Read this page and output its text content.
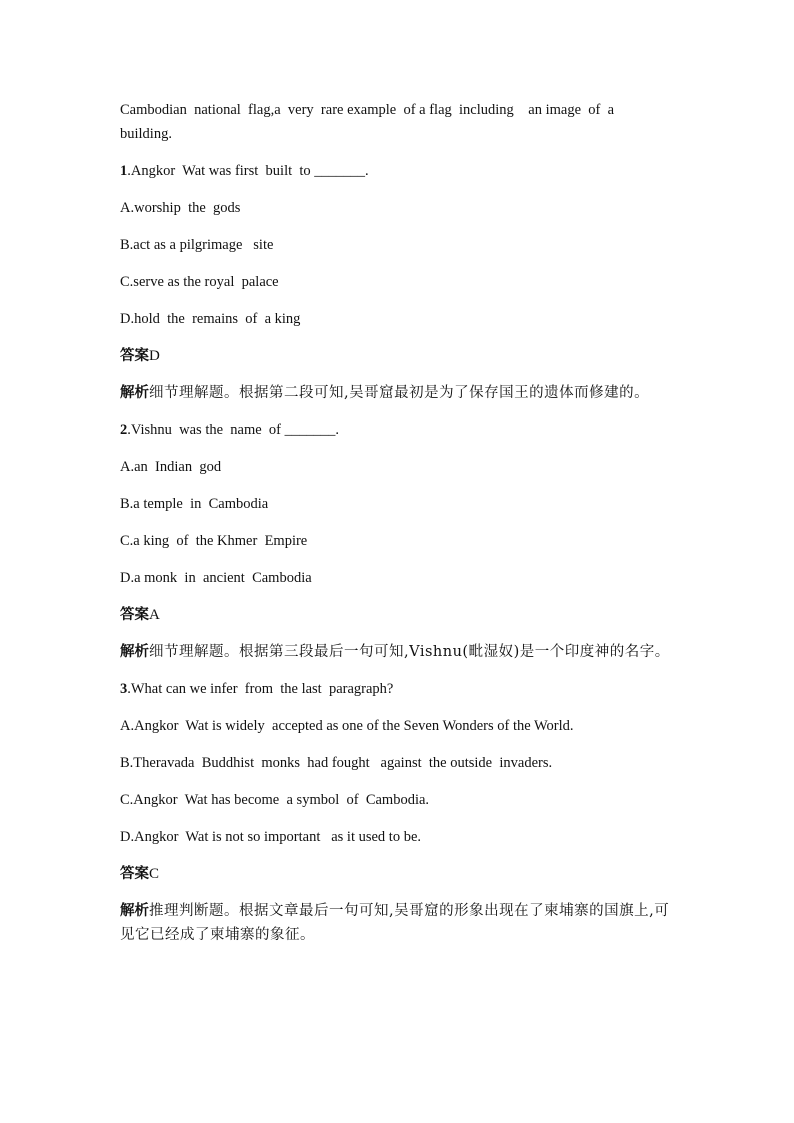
Cambodian  national  flag,a  very  rare example  of a flag  including    an image  of  a
building.
1.Angkor  Wat was first  built  to _______.
A.worship  the  gods
B.act as a pilgrimage   site
C.serve as the royal  palace
D.hold  the  remains  of  a king
答案D
解析细节理解题。根据第二段可知,吴哥窟最初是为了保存国王的遗体而修建的。
2.Vishnu  was the  name  of _______.
A.an  Indian  god
B.a temple  in  Cambodia
C.a king  of  the Khmer  Empire
D.a monk  in  ancient  Cambodia
答案A
解析细节理解题。根据第三段最后一句可知,Vishnu(毗湿奴)是一个印度神的名字。
3.What can we infer  from  the last  paragraph?
A.Angkor  Wat is widely  accepted as one of the Seven Wonders of the World.
B.Theravada  Buddhist  monks  had fought   against  the outside  invaders.
C.Angkor  Wat has become  a symbol  of  Cambodia.
D.Angkor  Wat is not so important   as it used to be.
答案C
解析推理判断题。根据文章最后一句可知,吴哥窟的形象出现在了柬埔寨的国旗上,可见它已经成了柬埔寨的象征。
